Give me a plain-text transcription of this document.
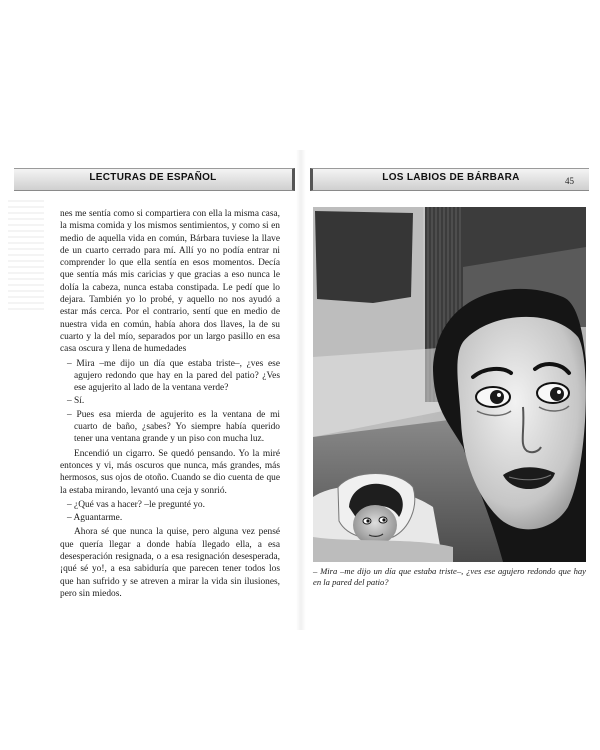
LECTURAS DE ESPAÑOL

nes me sentía como si compartiera con ella la misma casa, la misma comida y los mismos sentimientos, y como si en medio de aquella vida en común, Bárbara tuviese la llave de un cuarto cerrado para mí. Allí yo no podía entrar ni comprender lo que ella sentía en esos momentos. Decía que sentía más mis caricias y que gracias a eso nunca le dolía la cabeza, nunca estaba constipada. Le pedí que lo dejara. También yo lo probé, y aquello no nos ayudó a estar más cerca. Por el contrario, sentí que en medio de nuestra vida en común, había ahora dos llaves, la de su cuarto y la del mío, separados por un largo pasillo en esa casa oscura y llena de humedades

– Mira –me dijo un día que estaba triste–, ¿ves ese agujero redondo que hay en la pared del patio? ¿Ves ese agujerito al lado de la ventana verde?

– Sí.

– Pues esa mierda de agujerito es la ventana de mi cuarto de baño, ¿sabes? Yo siempre había querido tener una ventana grande y un piso con mucha luz.

Encendió un cigarro. Se quedó pensando. Yo la miré entonces y vi, más oscuros que nunca, más grandes, más hermosos, sus ojos de otoño. Cuando se dio cuenta de que la estaba mirando, levantó una ceja y sonrió.

– ¿Qué vas a hacer? –le pregunté yo.

– Aguantarme.

Ahora sé que nunca la quise, pero alguna vez pensé que quería llegar a donde había llegado ella, a esa desesperación resignada, o a esa resignación desesperada, ¡qué sé yo!, a esa sabiduría que parecen tener todos los que han sufrido y se atreven a mirar la vida sin ilusiones, pero sin miedos.

LOS LABIOS DE BÁRBARA	45
– Mira –me dijo un día que estaba triste–, ¿ves ese agujero redondo que hay en la pared del patio?
